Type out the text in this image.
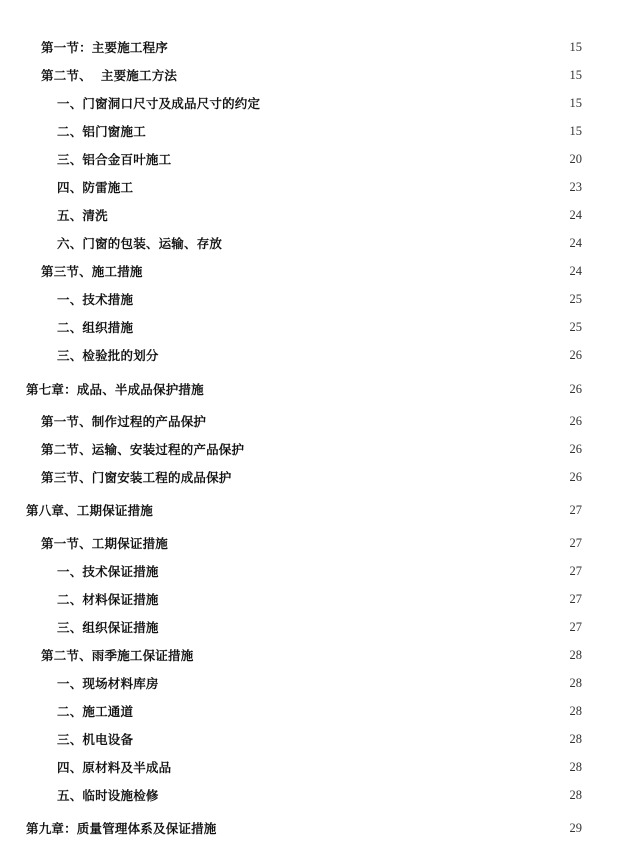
第一节：主要施工程序	15
第二节、  主要施工方法	15
一、门窗洞口尺寸及成品尺寸的约定	15
二、铝门窗施工	15
三、铝合金百叶施工	20
四、防雷施工	23
五、清洗	24
六、门窗的包装、运输、存放	24
第三节、施工措施	24
一、技术措施	25
二、组织措施	25
三、检验批的划分	26
第七章：成品、半成品保护措施	26
第一节、制作过程的产品保护	26
第二节、运输、安装过程的产品保护	26
第三节、门窗安装工程的成品保护	26
第八章、工期保证措施	27
第一节、工期保证措施	27
一、技术保证措施	27
二、材料保证措施	27
三、组织保证措施	27
第二节、雨季施工保证措施	28
一、现场材料库房	28
二、施工通道	28
三、机电设备	28
四、原材料及半成品	28
五、临时设施检修	28
第九章：质量管理体系及保证措施	29
